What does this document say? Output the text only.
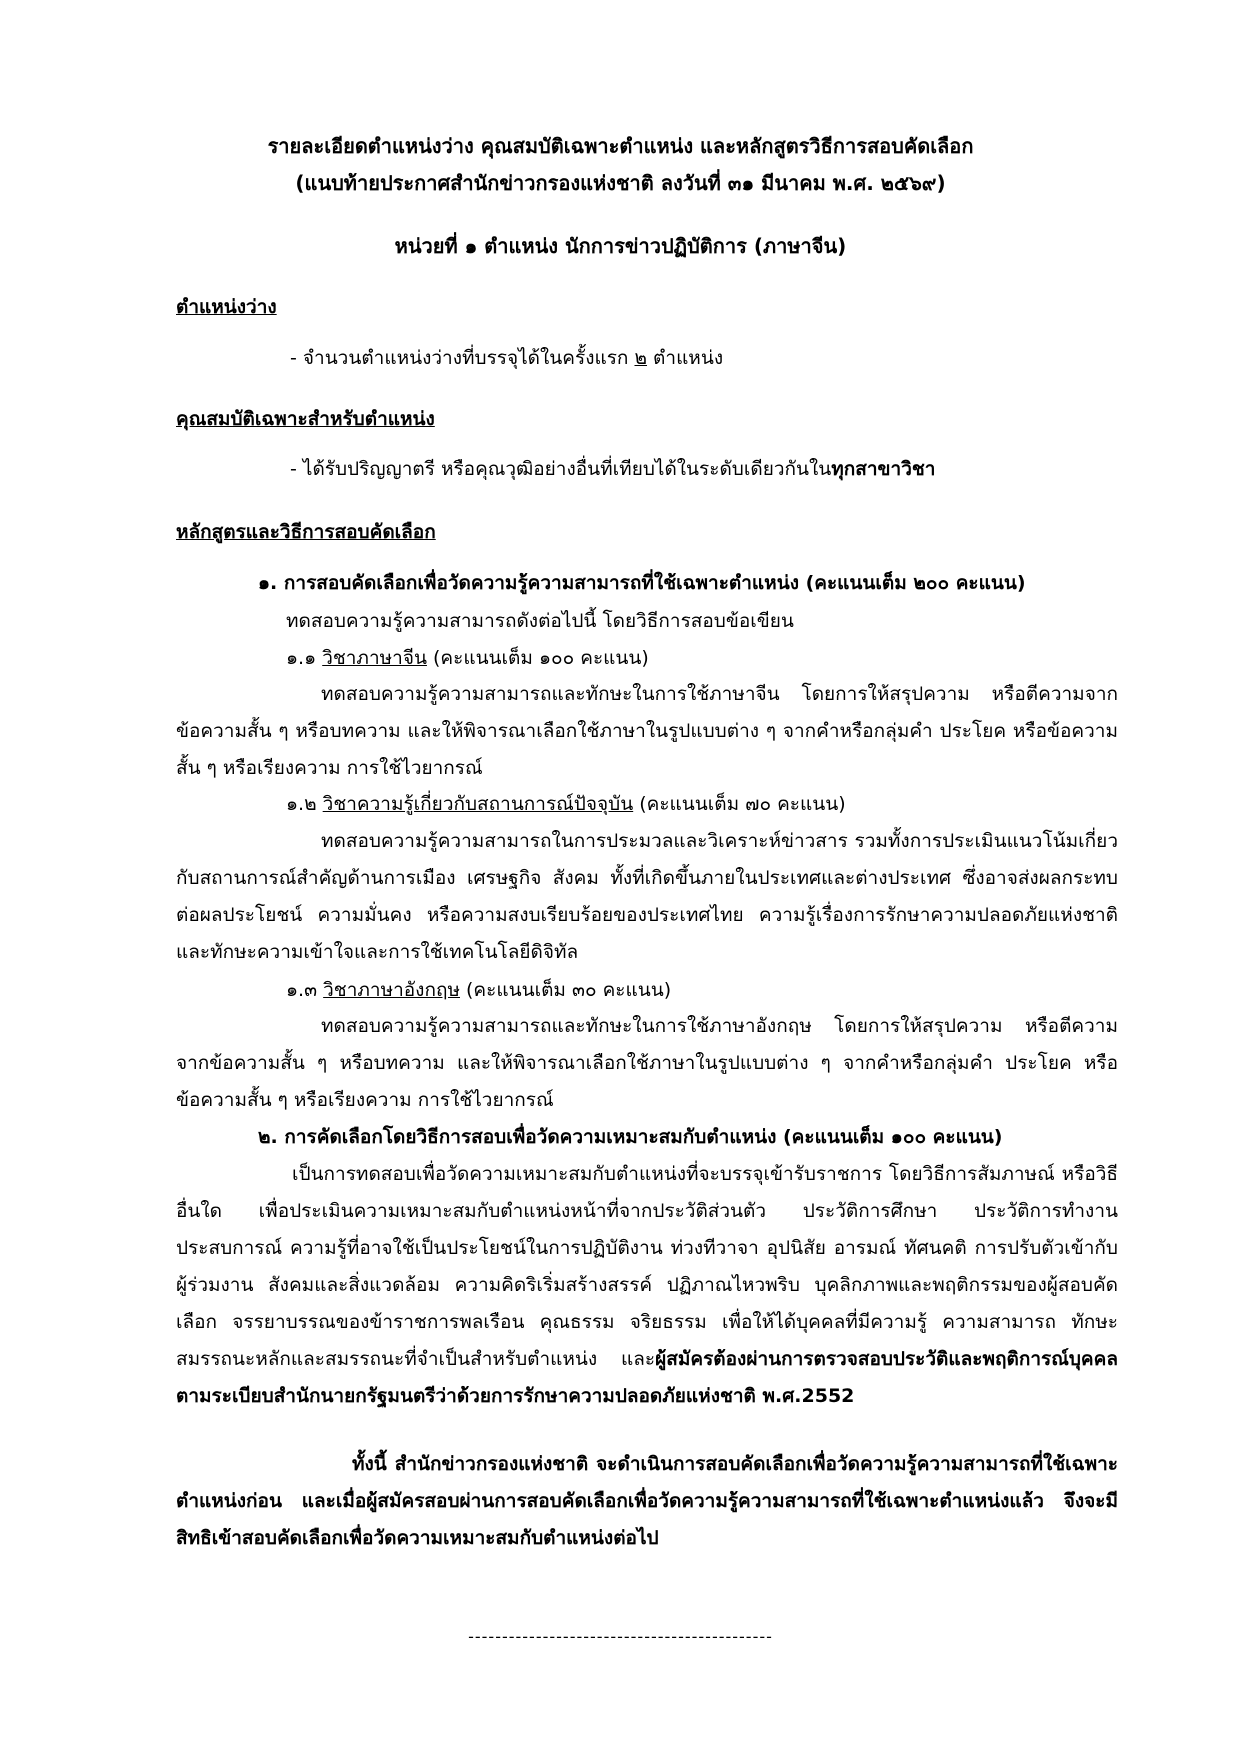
รายละเอียดตำแหน่งว่าง คุณสมบัติเฉพาะตำแหน่ง และหลักสูตรวิธีการสอบคัดเลือก
(แนบท้ายประกาศสำนักข่าวกรองแห่งชาติ ลงวันที่ ๓๑ มีนาคม พ.ศ. ๒๕๖๙)
หน่วยที่ ๑ ตำแหน่ง นักการข่าวปฏิบัติการ (ภาษาจีน)
ตำแหน่งว่าง
- จำนวนตำแหน่งว่างที่บรรจุได้ในครั้งแรก ๒ ตำแหน่ง
คุณสมบัติเฉพาะสำหรับตำแหน่ง
- ได้รับปริญญาตรี หรือคุณวุฒิอย่างอื่นที่เทียบได้ในระดับเดียวกันในทุกสาขาวิชา
หลักสูตรและวิธีการสอบคัดเลือก
๑. การสอบคัดเลือกเพื่อวัดความรู้ความสามารถที่ใช้เฉพาะตำแหน่ง (คะแนนเต็ม ๒๐๐ คะแนน)
ทดสอบความรู้ความสามารถดังต่อไปนี้ โดยวิธีการสอบข้อเขียน
๑.๑ วิชาภาษาจีน (คะแนนเต็ม ๑๐๐ คะแนน)
ทดสอบความรู้ความสามารถและทักษะในการใช้ภาษาจีน โดยการให้สรุปความ หรือตีความจากข้อความสั้น ๆ หรือบทความ และให้พิจารณาเลือกใช้ภาษาในรูปแบบต่าง ๆ จากคำหรือกลุ่มคำ ประโยค หรือข้อความสั้น ๆ หรือเรียงความ การใช้ไวยากรณ์
๑.๒ วิชาความรู้เกี่ยวกับสถานการณ์ปัจจุบัน (คะแนนเต็ม ๗๐ คะแนน)
ทดสอบความรู้ความสามารถในการประมวลและวิเคราะห์ข่าวสาร รวมทั้งการประเมินแนวโน้มเกี่ยวกับสถานการณ์สำคัญด้านการเมือง เศรษฐกิจ สังคม ทั้งที่เกิดขึ้นภายในประเทศและต่างประเทศ ซึ่งอาจส่งผลกระทบต่อผลประโยชน์ ความมั่นคง หรือความสงบเรียบร้อยของประเทศไทย ความรู้เรื่องการรักษาความปลอดภัยแห่งชาติ และทักษะความเข้าใจและการใช้เทคโนโลยีดิจิทัล
๑.๓ วิชาภาษาอังกฤษ (คะแนนเต็ม ๓๐ คะแนน)
ทดสอบความรู้ความสามารถและทักษะในการใช้ภาษาอังกฤษ โดยการให้สรุปความ หรือตีความจากข้อความสั้น ๆ หรือบทความ และให้พิจารณาเลือกใช้ภาษาในรูปแบบต่าง ๆ จากคำหรือกลุ่มคำ ประโยค หรือข้อความสั้น ๆ หรือเรียงความ การใช้ไวยากรณ์
๒. การคัดเลือกโดยวิธีการสอบเพื่อวัดความเหมาะสมกับตำแหน่ง (คะแนนเต็ม ๑๐๐ คะแนน)
เป็นการทดสอบเพื่อวัดความเหมาะสมกับตำแหน่งที่จะบรรจุเข้ารับราชการ โดยวิธีการสัมภาษณ์ หรือวิธีอื่นใด เพื่อประเมินความเหมาะสมกับตำแหน่งหน้าที่จากประวัติส่วนตัว ประวัติการศึกษา ประวัติการทำงาน ประสบการณ์ ความรู้ที่อาจใช้เป็นประโยชน์ในการปฏิบัติงาน ท่วงทีวาจา อุปนิสัย อารมณ์ ทัศนคติ การปรับตัวเข้ากับผู้ร่วมงาน สังคมและสิ่งแวดล้อม ความคิดริเริ่มสร้างสรรค์ ปฏิภาณไหวพริบ บุคลิกภาพและพฤติกรรมของผู้สอบคัดเลือก จรรยาบรรณของข้าราชการพลเรือน คุณธรรม จริยธรรม เพื่อให้ได้บุคคลที่มีความรู้ ความสามารถ ทักษะ สมรรถนะหลักและสมรรถนะที่จำเป็นสำหรับตำแหน่ง และผู้สมัครต้องผ่านการตรวจสอบประวัติและพฤติการณ์บุคคล ตามระเบียบสำนักนายกรัฐมนตรีว่าด้วยการรักษาความปลอดภัยแห่งชาติ พ.ศ.2552
ทั้งนี้ สำนักข่าวกรองแห่งชาติ จะดำเนินการสอบคัดเลือกเพื่อวัดความรู้ความสามารถที่ใช้เฉพาะตำแหน่งก่อน และเมื่อผู้สมัครสอบผ่านการสอบคัดเลือกเพื่อวัดความรู้ความสามารถที่ใช้เฉพาะตำแหน่งแล้ว จึงจะมีสิทธิเข้าสอบคัดเลือกเพื่อวัดความเหมาะสมกับตำแหน่งต่อไป
---------------------------------------------
